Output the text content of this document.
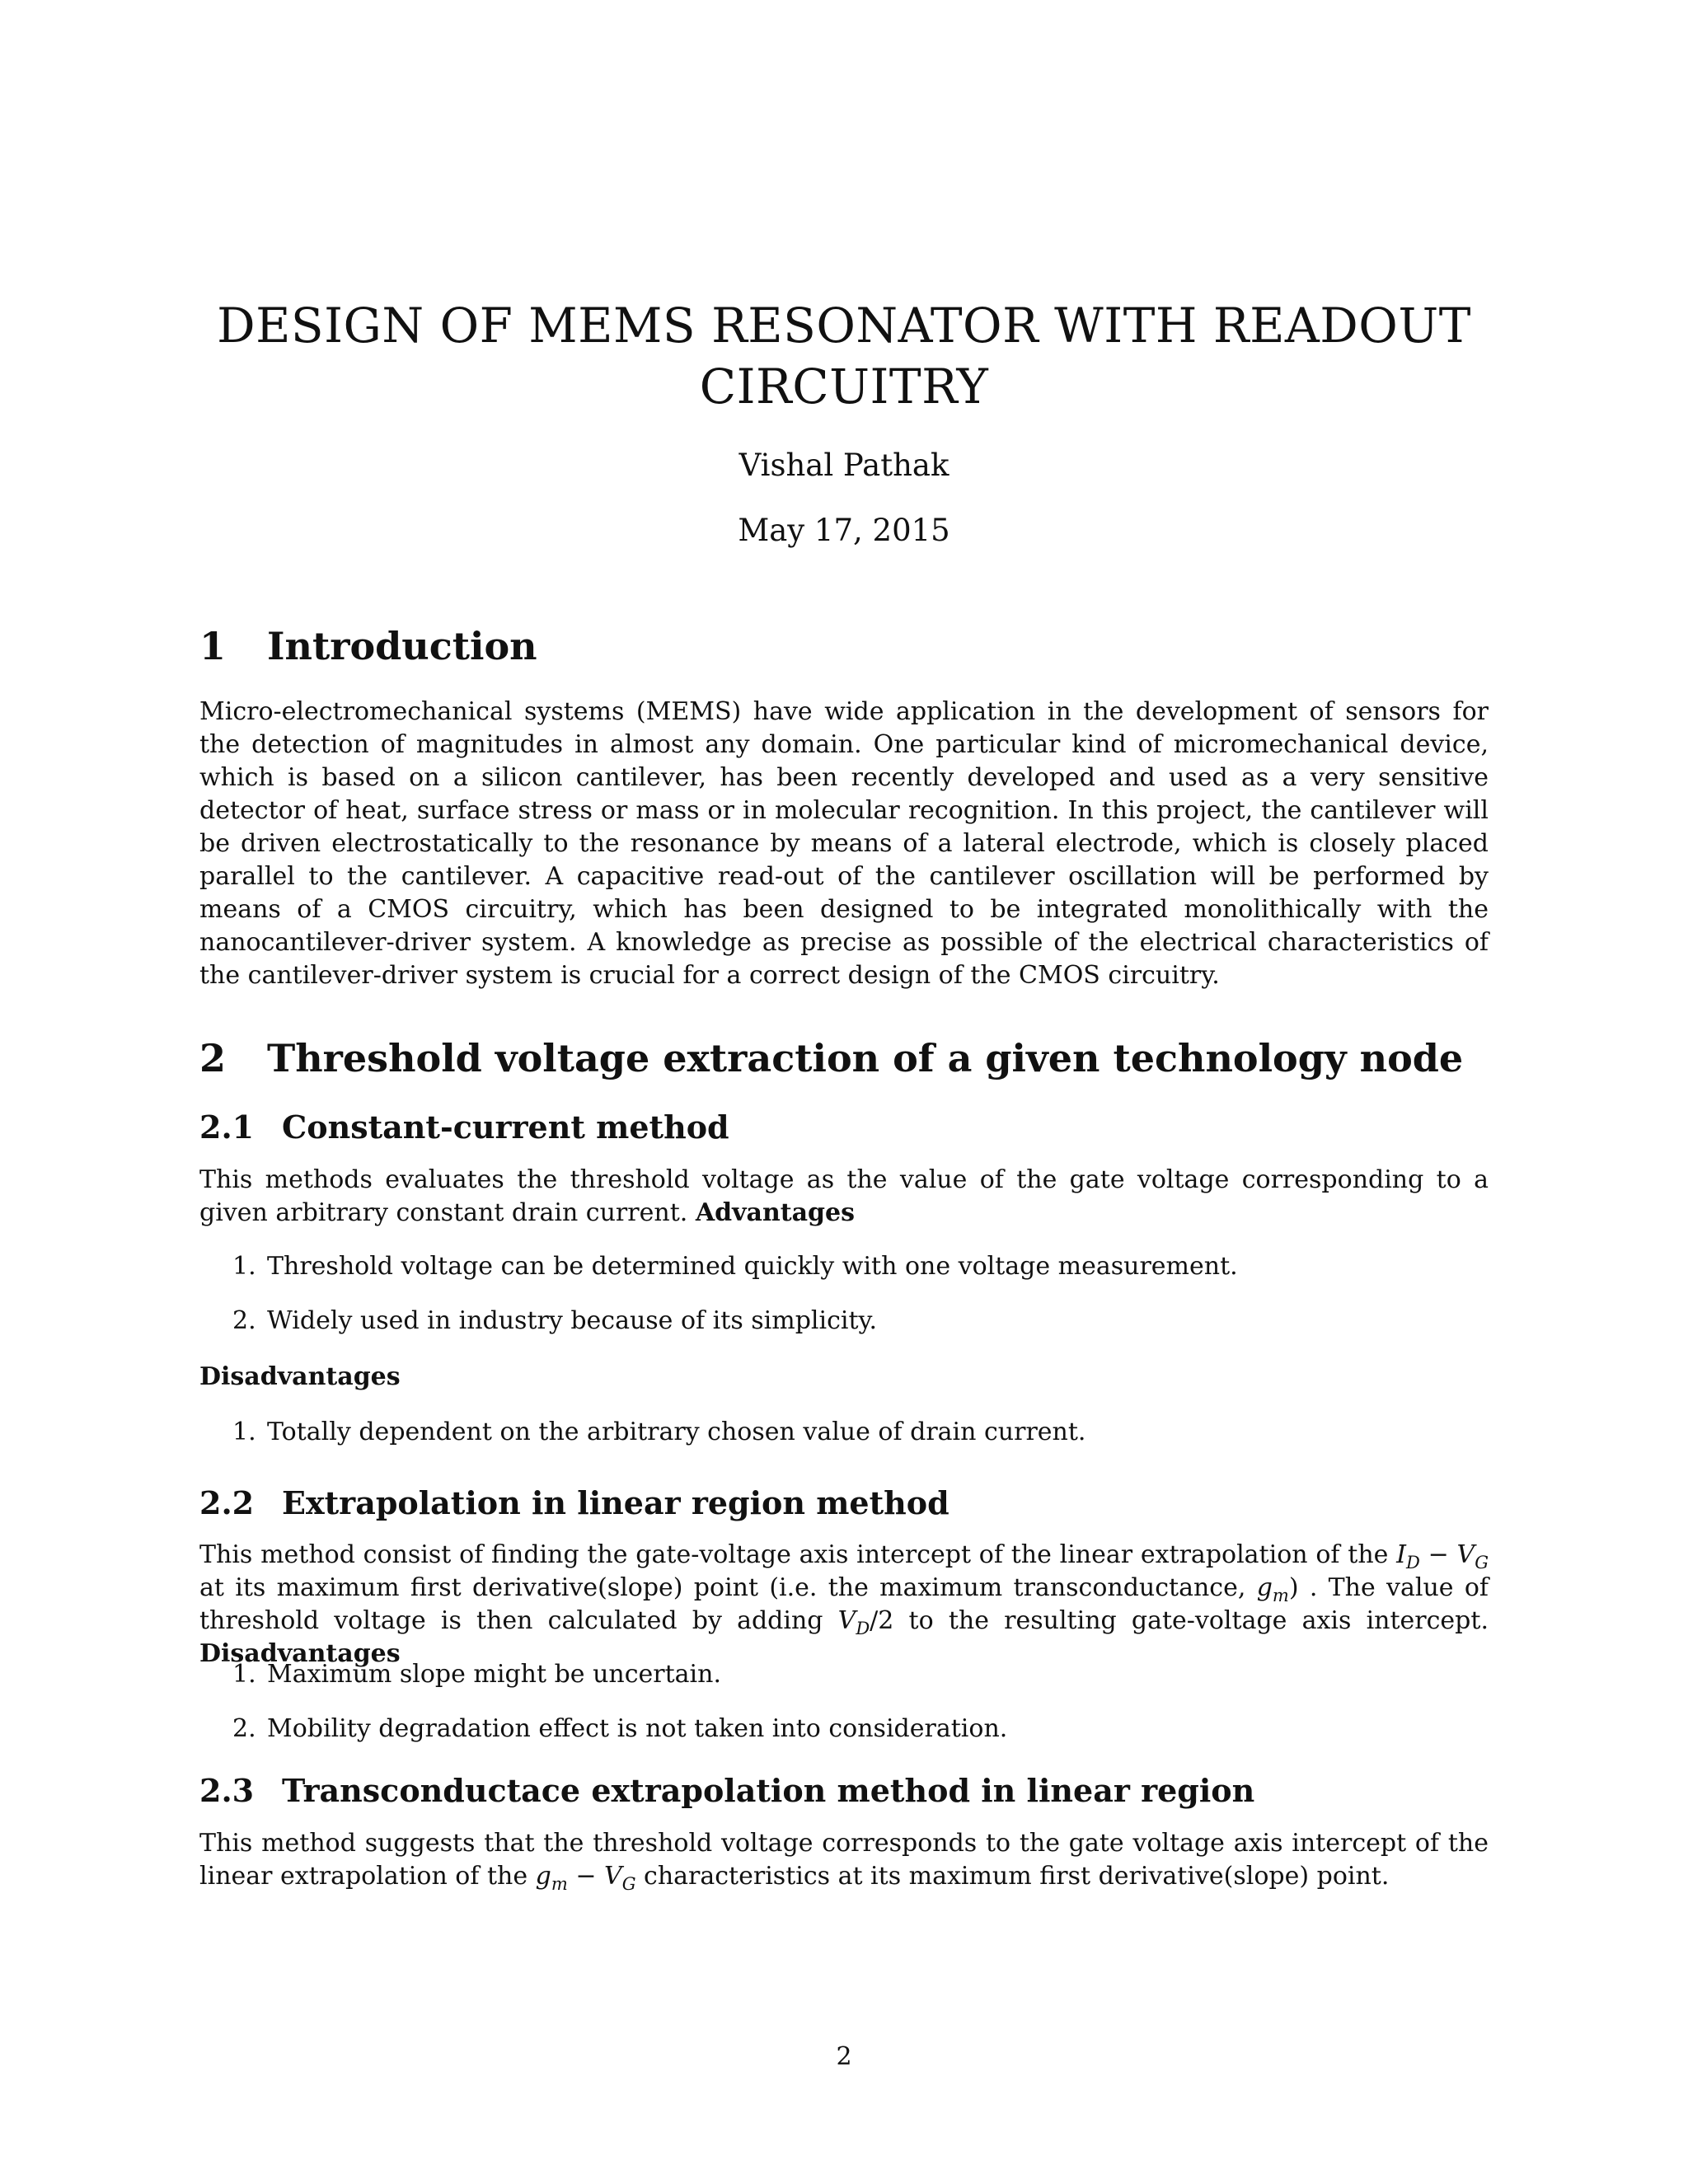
DESIGN OF MEMS RESONATOR WITH READOUT
CIRCUITRY

Vishal Pathak

May 17, 2015

1 Introduction

Micro-electromechanical systems (MEMS) have wide application in the development of sensors for the detection of magnitudes in almost any domain. One particular kind of micromechanical device, which is based on a silicon cantilever, has been recently developed and used as a very sensitive detector of heat, surface stress or mass or in molecular recognition. In this project, the cantilever will be driven electrostatically to the resonance by means of a lateral electrode, which is closely placed parallel to the cantilever. A capacitive read-out of the cantilever oscillation will be performed by means of a CMOS circuitry, which has been designed to be integrated monolithically with the nanocantilever-driver system. A knowledge as precise as possible of the electrical characteristics of the cantilever-driver system is crucial for a correct design of the CMOS circuitry.

2 Threshold voltage extraction of a given technology node
2.1 Constant-current method

This methods evaluates the threshold voltage as the value of the gate voltage corresponding to a given arbitrary constant drain current. Advantages

1. Threshold voltage can be determined quickly with one voltage measurement.
2. Widely used in industry because of its simplicity.

Disadvantages

1. Totally dependent on the arbitrary chosen value of drain current.
2.2 Extrapolation in linear region method

This method consist of finding the gate-voltage axis intercept of the linear extrapolation of the $I_D - V_G$ at its maximum first derivative(slope) point (i.e. the maximum transconductance, $g_m$) . The value of threshold voltage is then calculated by adding $V_D/2$ to the resulting gate-voltage axis intercept. Disadvantages

1. Maximum slope might be uncertain.
2. Mobility degradation effect is not taken into consideration.
2.3 Transconductace extrapolation method in linear region

This method suggests that the threshold voltage corresponds to the gate voltage axis intercept of the linear extrapolation of the $g_m - V_G$ characteristics at its maximum first derivative(slope) point.

2
